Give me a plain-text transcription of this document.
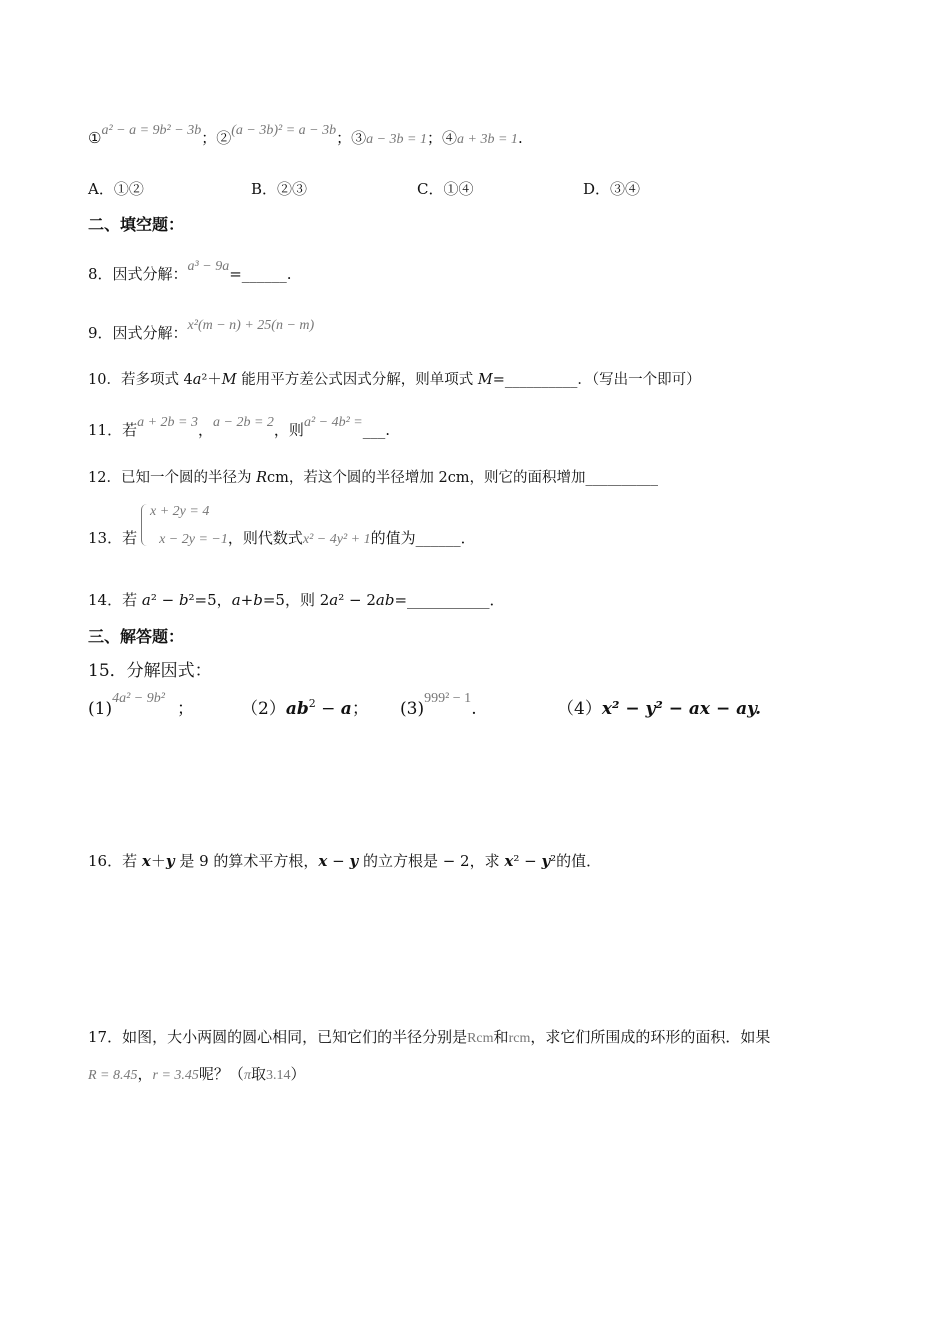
①a² − a = 9b² − 3b；②(a − 3b)² = a − 3b；③a − 3b = 1；④a + 3b = 1.
A．①②	B．②③	C．①④	D．③④
二、填空题：
8．因式分解：a³ − 9a=______.
9．因式分解：x²(m − n) + 25(n − m)
10．若多项式 4a²＋M 能用平方差公式因式分解，则单项式 M=__________．（写出一个即可）
11．若a + 2b = 3，a − 2b = 2，则a² − 4b² =___.
12．已知一个圆的半径为 Rcm，若这个圆的半径增加 2cm，则它的面积增加__________
x + 2y = 4
13．若 x − 2y = −1，则代数式x² − 4y² + 1的值为______．
14．若 a² − b²=5，a+b=5，则 2a² − 2ab=___________．
三、解答题：
15．分解因式：
$(1)^{4a^2 - 9b^2}$；	$(2)ab^2 - a$； $(3)^{999^2 - 1}$.	（4）x² − y² − ax − ay.
16．若 x＋y 是 9 的算术平方根，x − y 的立方根是 − 2，求 x² − y²的值．
17．如图，大小两圆的圆心相同，已知它们的半径分别是Rcm和rcm，求它们所围成的环形的面积．如果
R = 8.45，r = 3.45呢？（π取3.14）
